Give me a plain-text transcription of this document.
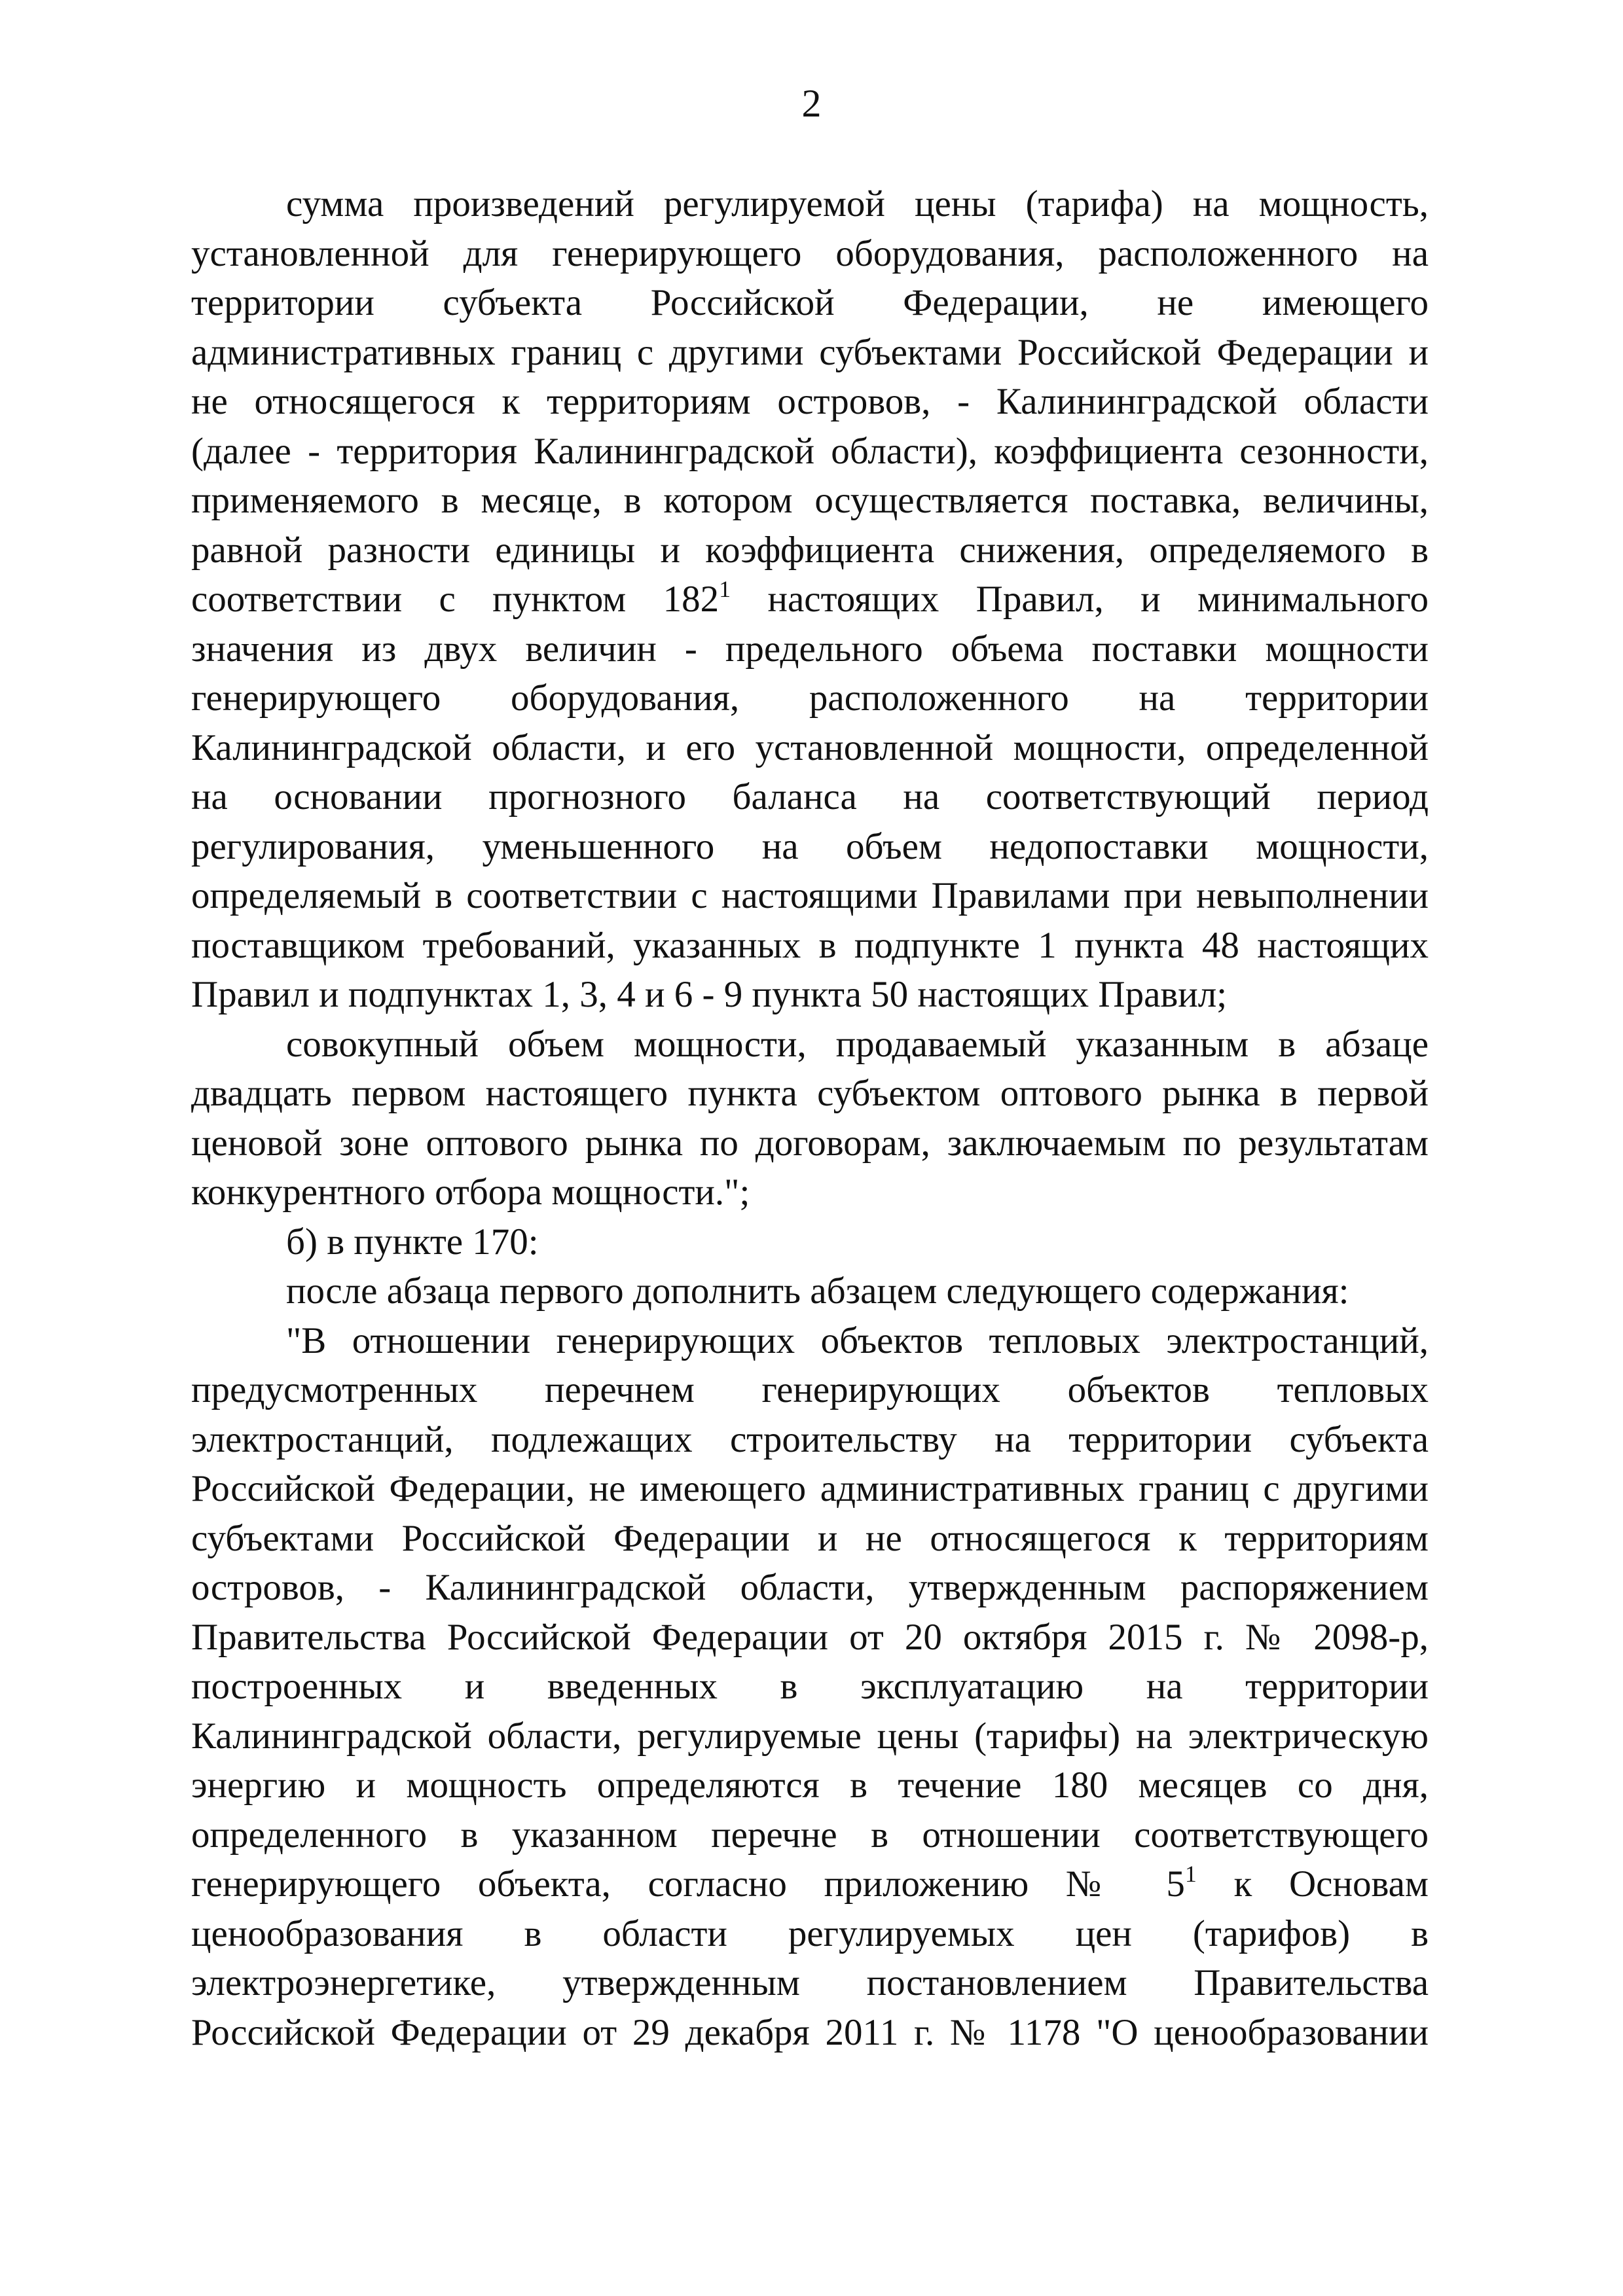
2
сумма произведений регулируемой цены (тарифа) на мощность,
установленной для генерирующего оборудования, расположенного на
территории субъекта Российской Федерации, не имеющего
административных границ с другими субъектами Российской Федерации и
не относящегося к территориям островов, - Калининградской области
(далее - территория Калининградской области), коэффициента сезонности,
применяемого в месяце, в котором осуществляется поставка, величины,
равной разности единицы и коэффициента снижения, определяемого в
соответствии с пунктом $182^1$ настоящих Правил, и минимального
значения из двух величин - предельного объема поставки мощности
генерирующего оборудования, расположенного на территории
Калининградской области, и его установленной мощности, определенной
на основании прогнозного баланса на соответствующий период
регулирования, уменьшенного на объем недопоставки мощности,
определяемый в соответствии с настоящими Правилами при невыполнении
поставщиком требований, указанных в подпункте 1 пункта 48 настоящих
Правил и подпунктах 1, 3, 4 и 6 - 9 пункта 50 настоящих Правил;
совокупный объем мощности, продаваемый указанным в абзаце
двадцать первом настоящего пункта субъектом оптового рынка в первой
ценовой зоне оптового рынка по договорам, заключаемым по результатам
конкурентного отбора мощности.";
б) в пункте 170:
после абзаца первого дополнить абзацем следующего содержания:
"В отношении генерирующих объектов тепловых электростанций,
предусмотренных перечнем генерирующих объектов тепловых
электростанций, подлежащих строительству на территории субъекта
Российской Федерации, не имеющего административных границ с другими
субъектами Российской Федерации и не относящегося к территориям
островов, - Калининградской области, утвержденным распоряжением
Правительства Российской Федерации от 20 октября 2015 г. № 2098-р,
построенных и введенных в эксплуатацию на территории
Калининградской области, регулируемые цены (тарифы) на электрическую
энергию и мощность определяются в течение 180 месяцев со дня,
определенного в указанном перечне в отношении соответствующего
генерирующего объекта, согласно приложению № $5^1$ к Основам
ценообразования в области регулируемых цен (тарифов) в
электроэнергетике, утвержденным постановлением Правительства
Российской Федерации от 29 декабря 2011 г. № 1178 "О ценообразовании
